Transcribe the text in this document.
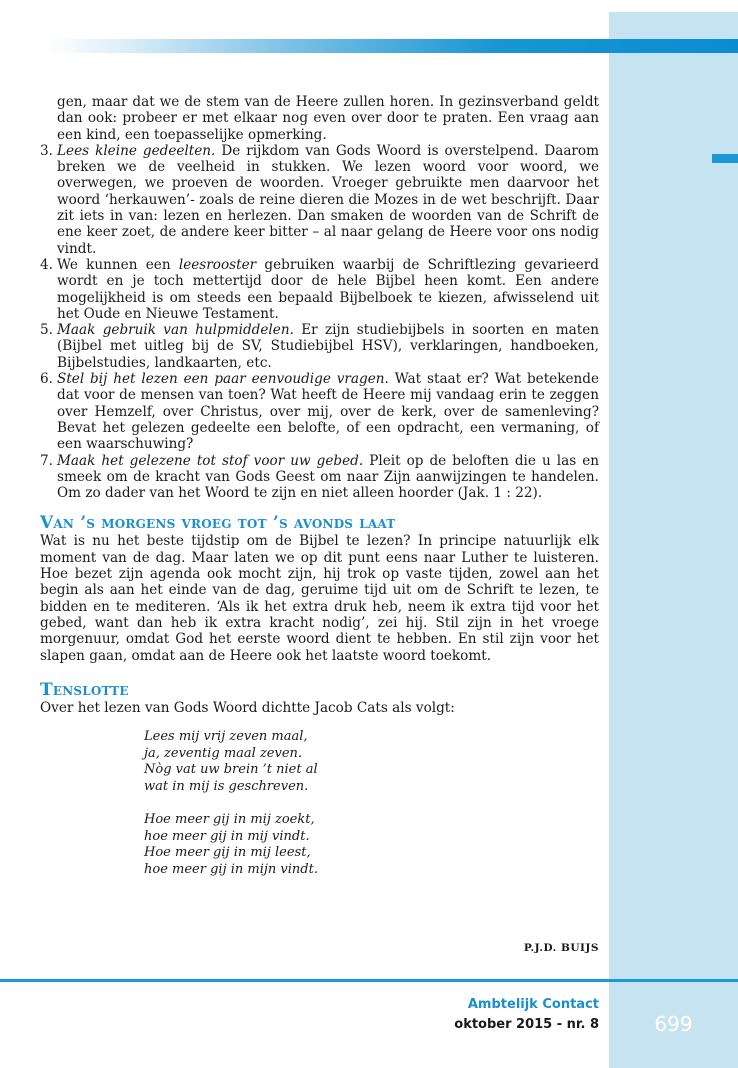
gen, maar dat we de stem van de Heere zullen horen. In gezinsverband geldt dan ook: probeer er met elkaar nog even over door te praten. Een vraag aan een kind, een toepasselijke opmerking.

3. Lees kleine gedeelten. De rijkdom van Gods Woord is overstelpend. Daarom breken we de veelheid in stukken. We lezen woord voor woord, we overwegen, we proeven de woorden. Vroeger gebruikte men daarvoor het woord ‘herkauwen’- zoals de reine dieren die Mozes in de wet beschrijft. Daar zit iets in van: lezen en herlezen. Dan smaken de woorden van de Schrift de ene keer zoet, de andere keer bitter – al naar gelang de Heere voor ons nodig vindt.
4. We kunnen een leesrooster gebruiken waarbij de Schriftlezing gevarieerd wordt en je toch mettertijd door de hele Bijbel heen komt. Een andere mogelijkheid is om steeds een bepaald Bijbelboek te kiezen, afwisselend uit het Oude en Nieuwe Testament.
5. Maak gebruik van hulpmiddelen. Er zijn studiebijbels in soorten en maten (Bijbel met uitleg bij de SV, Studiebijbel HSV), verklaringen, handboeken, Bijbelstudies, landkaarten, etc.
6. Stel bij het lezen een paar eenvoudige vragen. Wat staat er? Wat betekende dat voor de mensen van toen? Wat heeft de Heere mij vandaag erin te zeggen over Hemzelf, over Christus, over mij, over de kerk, over de samenleving? Bevat het gelezen gedeelte een belofte, of een opdracht, een vermaning, of een waarschuwing?
7. Maak het gelezene tot stof voor uw gebed. Pleit op de beloften die u las en smeek om de kracht van Gods Geest om naar Zijn aanwijzingen te handelen. Om zo dader van het Woord te zijn en niet alleen hoorder (Jak. 1 : 22).
Van ’s morgens vroeg tot ’s avonds laat

Wat is nu het beste tijdstip om de Bijbel te lezen? In principe natuurlijk elk moment van de dag. Maar laten we op dit punt eens naar Luther te luisteren. Hoe bezet zijn agenda ook mocht zijn, hij trok op vaste tijden, zowel aan het begin als aan het einde van de dag, geruime tijd uit om de Schrift te lezen, te bidden en te mediteren. ‘Als ik het extra druk heb, neem ik extra tijd voor het gebed, want dan heb ik extra kracht nodig’, zei hij. Stil zijn in het vroege morgenuur, omdat God het eerste woord dient te hebben. En stil zijn voor het slapen gaan, omdat aan de Heere ook het laatste woord toekomt.

Tenslotte

Over het lezen van Gods Woord dichtte Jacob Cats als volgt:

Lees mij vrij zeven maal,
ja, zeventig maal zeven.
Nòg vat uw brein ’t niet al
wat in mij is geschreven.
Hoe meer gij in mij zoekt,
hoe meer gij in mij vindt.
Hoe meer gij in mij leest,
hoe meer gij in mijn vindt.
P.J.D. BUIJS
Ambtelijk Contact
oktober 2015 - nr. 8	699
